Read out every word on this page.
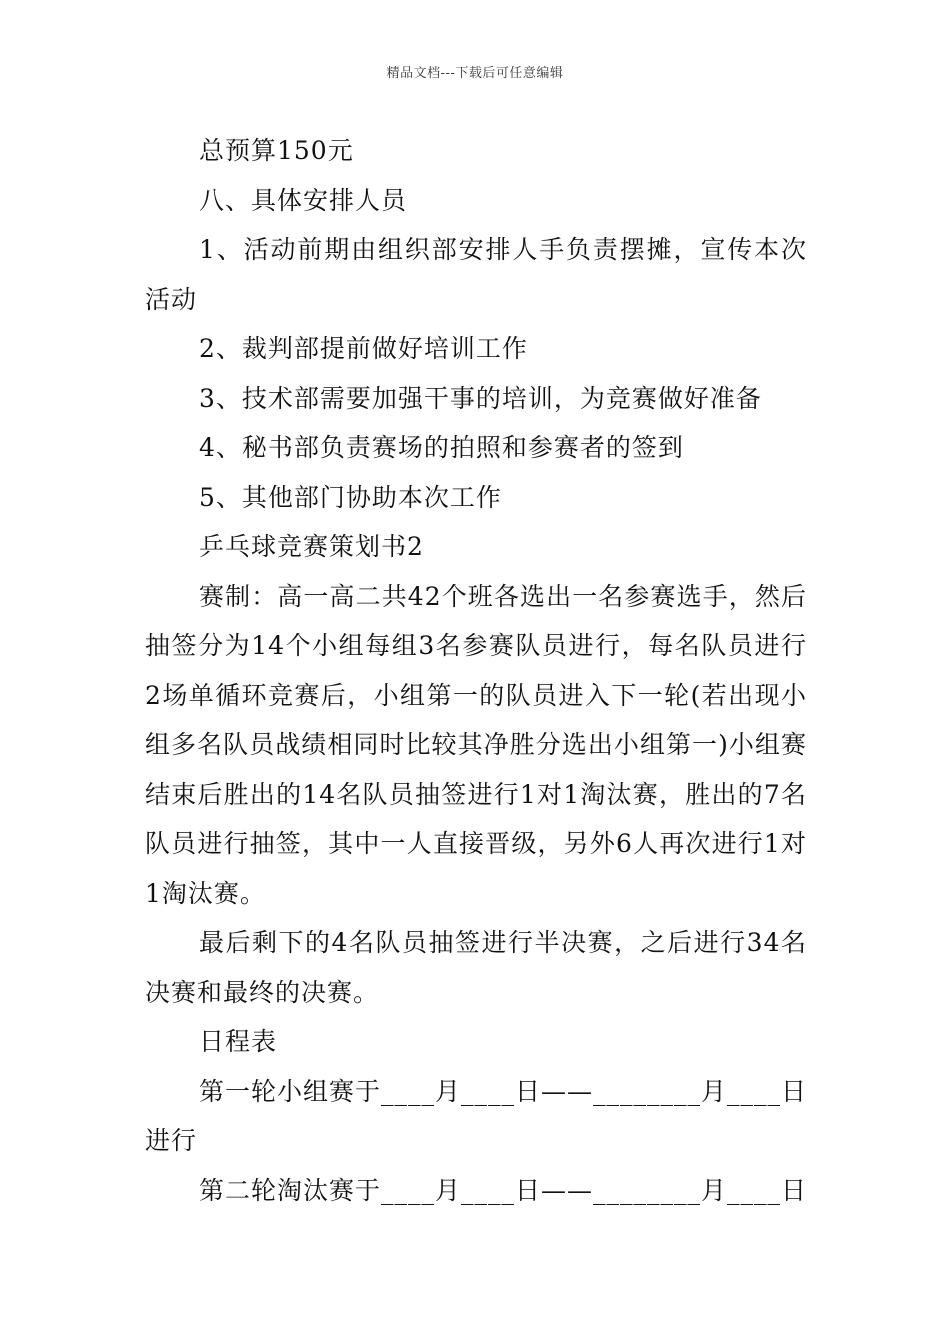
精品文档---下载后可任意编辑

总预算150元

八、具体安排人员

1、活动前期由组织部安排人手负责摆摊，宣传本次活动

2、裁判部提前做好培训工作

3、技术部需要加强干事的培训，为竞赛做好准备

4、秘书部负责赛场的拍照和参赛者的签到

5、其他部门协助本次工作

乒乓球竞赛策划书2

赛制：高一高二共42个班各选出一名参赛选手，然后抽签分为14个小组每组3名参赛队员进行，每名队员进行2场单循环竞赛后，小组第一的队员进入下一轮(若出现小组多名队员战绩相同时比较其净胜分选出小组第一)小组赛结束后胜出的14名队员抽签进行1对1淘汰赛，胜出的7名队员进行抽签，其中一人直接晋级，另外6人再次进行1对1淘汰赛。

最后剩下的4名队员抽签进行半决赛，之后进行34名决赛和最终的决赛。

日程表

第一轮小组赛于____月____日——________月____日进行

第二轮淘汰赛于____月____日——________月____日
